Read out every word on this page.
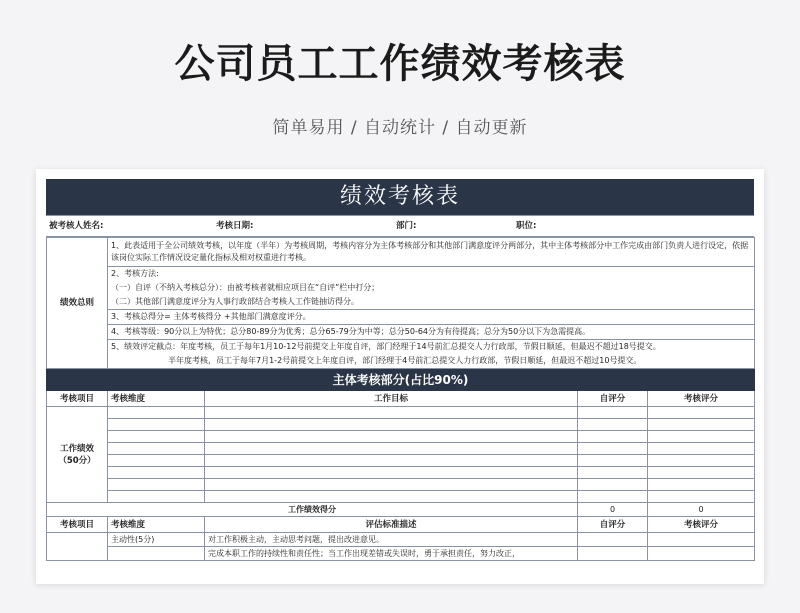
公司员工工作绩效考核表
简单易用 / 自动统计 / 自动更新
绩效考核表
被考核人姓名:	考核日期:	部门:	职位:
绩效总则	1、此表适用于全公司绩效考核，以年度（半年）为考核周期，考核内容分为主体考核部分和其他部门满意度评分两部分，其中主体考核部分中工作完成由部门负责人进行设定，依据该岗位实际工作情况设定量化指标及相对权重进行考核。
2、考核方法:
（一）自评（不纳入考核总分）：由被考核者就相应项目在“自评”栏中打分；
（二）其他部门满意度评分为人事行政部结合考核人工作链抽访得分。
3、考核总得分= 主体考核得分 +其他部门满意度评分。
4、考核等级：90分以上为特优；总分80-89分为优秀；总分65-79分为中等；总分50-64分为有待提高；总分为50分以下为急需提高。
5、绩效评定截点：年度考核，员工于每年1月10-12号前提交上年度自评，部门经理于14号前汇总提交人力行政部，节假日顺延，但最迟不超过18号提交。
半年度考核，员工于每年7月1-2号前提交上年度自评，部门经理于4号前汇总提交人力行政部，节假日顺延，但最迟不超过10号提交。
主体考核部分(占比90%)				
考核项目	考核维度	工作目标	自评分	考核评分
工作绩效（50分）				

工作绩效得分			0	0
考核项目	考核维度	评估标准描述	自评分	考核评分
	主动性(5分)	对工作积极主动，主动思考问题，提出改进意见。		
		完成本职工作的持续性和责任性；当工作出现差错或失误时，勇于承担责任，努力改正，		
